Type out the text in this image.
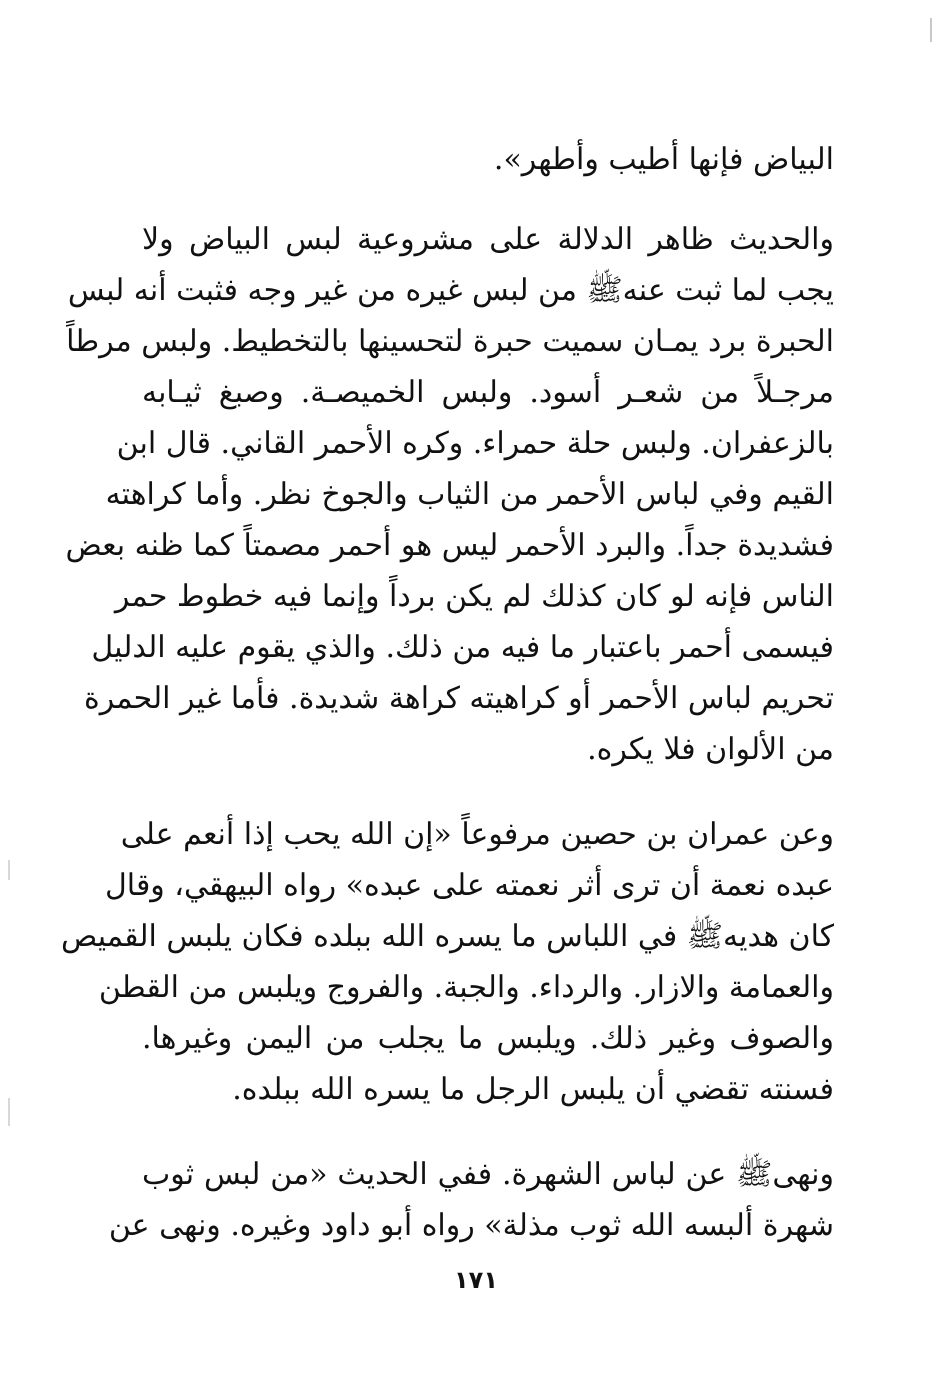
البياض فإنها أطيب وأطهر».
والحديث ظاهر الدلالة على مشروعية لبس البياض ولا
يجب لما ثبت عنهﷺ من لبس غيره من غير وجه فثبت أنه لبس
الحبرة برد يمـان سميت حبرة لتحسينها بالتخطيط. ولبس مرطاً
مرجـلاً من شعـر أسود. ولبس الخميصـة. وصبغ ثيـابه
بالزعفران. ولبس حلة حمراء. وكره الأحمر القاني. قال ابن
القيم وفي لباس الأحمر من الثياب والجوخ نظر. وأما كراهته
فشديدة جداً. والبرد الأحمر ليس هو أحمر مصمتاً كما ظنه بعض
الناس فإنه لو كان كذلك لم يكن برداً وإنما فيه خطوط حمر
فيسمى أحمر باعتبار ما فيه من ذلك. والذي يقوم عليه الدليل
تحريم لباس الأحمر أو كراهيته كراهة شديدة. فأما غير الحمرة
من الألوان فلا يكره.
وعن عمران بن حصين مرفوعاً «إن الله يحب إذا أنعم على
عبده نعمة أن ترى أثر نعمته على عبده» رواه البيهقي، وقال
كان هديهﷺ في اللباس ما يسره الله ببلده فكان يلبس القميص
والعمامة والازار. والرداء. والجبة. والفروج ويلبس من القطن
والصوف وغير ذلك. ويلبس ما يجلب من اليمن وغيرها.
فسنته تقضي أن يلبس الرجل ما يسره الله ببلده.
ونهىﷺ عن لباس الشهرة. ففي الحديث «من لبس ثوب
شهرة ألبسه الله ثوب مذلة» رواه أبو داود وغيره. ونهى عن
١٧١
